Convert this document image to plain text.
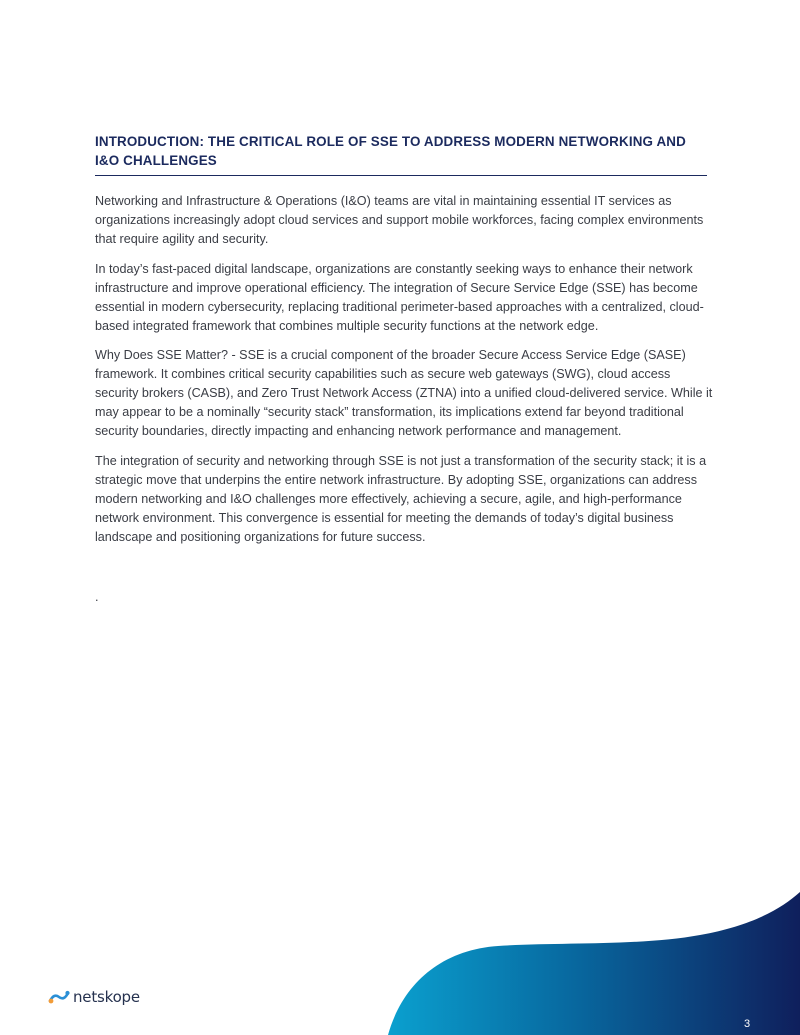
INTRODUCTION: THE CRITICAL ROLE OF SSE TO ADDRESS MODERN NETWORKING AND I&O CHALLENGES

Networking and Infrastructure & Operations (I&O) teams are vital in maintaining essential IT services as organizations increasingly adopt cloud services and support mobile workforces, facing complex environments that require agility and security.

In today’s fast-paced digital landscape, organizations are constantly seeking ways to enhance their network infrastructure and improve operational efficiency. The integration of Secure Service Edge (SSE) has become essential in modern cybersecurity, replacing traditional perimeter-based approaches with a centralized, cloud-based integrated framework that combines multiple security functions at the network edge.

Why Does SSE Matter? - SSE is a crucial component of the broader Secure Access Service Edge (SASE) framework. It combines critical security capabilities such as secure web gateways (SWG), cloud access security brokers (CASB), and Zero Trust Network Access (ZTNA) into a unified cloud-delivered service. While it may appear to be a nominally “security stack” transformation, its implications extend far beyond traditional security boundaries, directly impacting and enhancing network performance and management.

The integration of security and networking through SSE is not just a transformation of the security stack; it is a strategic move that underpins the entire network infrastructure. By adopting SSE, organizations can address modern networking and I&O challenges more effectively, achieving a secure, agile, and high-performance network environment. This convergence is essential for meeting the demands of today’s digital business landscape and positioning organizations for future success.

.
netskope
3
